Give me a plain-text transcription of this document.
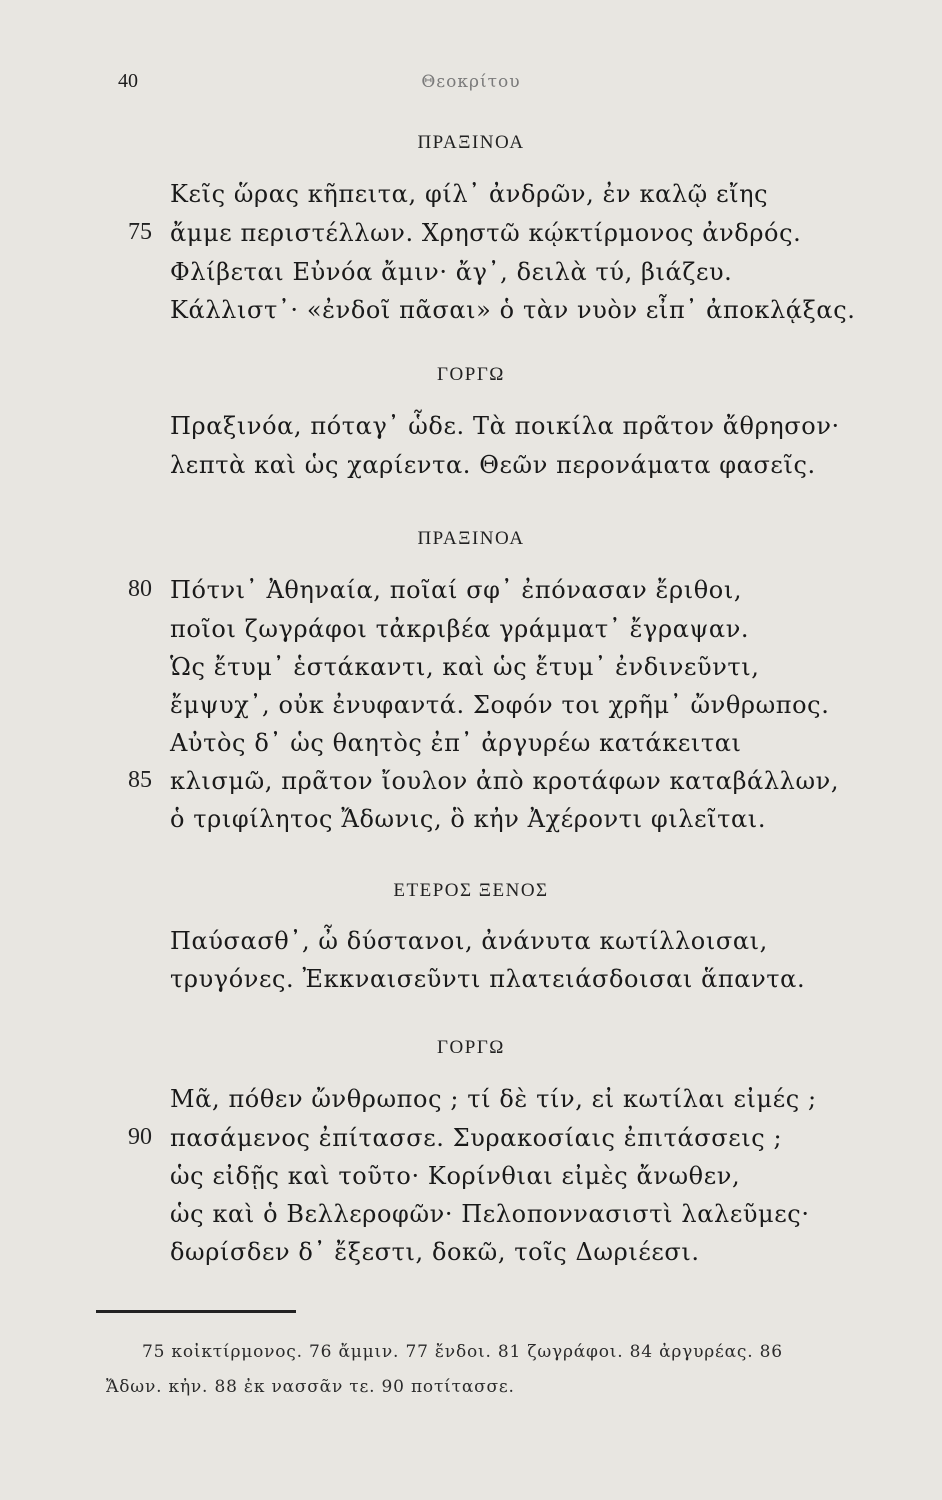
40	Θεοκρίτου
ΠΡΑΞΙΝΟΑ
Κεῖς ὥρας κῆπειτα, φίλ᾽ ἀνδρῶν, ἐν καλῷ εἴης
75 ἄμμε περιστέλλων. Χρηστῶ κῴκτίρμονος ἀνδρός.
Φλίβεται Εὐνόα ἄμιν· ἄγ᾽, δειλὰ τύ, βιάζευ.
Κάλλιστ᾽· «ἐνδοῖ πᾶσαι» ὁ τὰν νυὸν εἶπ᾽ ἀποκλᾴξας.
ΓΟΡΓΩ
Πραξινόα, πόταγ᾽ ὧδε. Τὰ ποικίλα πρᾶτον ἄθρησον·
λεπτὰ καὶ ὡς χαρίεντα. Θεῶν περονάματα φασεῖς.
ΠΡΑΞΙΝΟΑ
80 Πότνι᾽ Ἀθηναία, ποῖαί σφ᾽ ἐπόνασαν ἔριθοι,
ποῖοι ζωγράφοι τἀκριβέα γράμματ᾽ ἔγραψαν.
Ὡς ἔτυμ᾽ ἑστάκαντι, καὶ ὡς ἔτυμ᾽ ἐνδινεῦντι,
ἔμψυχ᾽, οὐκ ἐνυφαντά. Σοφόν τοι χρῆμ᾽ ὤνθρωπος.
Αὐτὸς δ᾽ ὡς θαητὸς ἐπ᾽ ἀργυρέω κατάκειται
85 κλισμῶ, πρᾶτον ἴουλον ἀπὸ κροτάφων καταβάλλων,
ὁ τριφίλητος Ἄδωνις, ὃ κἠν Ἀχέροντι φιλεῖται.
ΕΤΕΡΟΣ ΞΕΝΟΣ
Παύσασθ᾽, ὦ δύστανοι, ἀνάνυτα κωτίλλοισαι,
τρυγόνες. Ἐκκναισεῦντι πλατειάσδοισαι ἅπαντα.
ΓΟΡΓΩ
Μᾶ, πόθεν ὤνθρωπος ; τί δὲ τίν, εἰ κωτίλαι εἰμές ;
90 πασάμενος ἐπίτασσε. Συρακοσίαις ἐπιτάσσεις ;
ὡς εἰδῇς καὶ τοῦτο· Κορίνθιαι εἰμὲς ἄνωθεν,
ὡς καὶ ὁ Βελλεροφῶν· Πελοποννασιστὶ λαλεῦμες·
δωρίσδεν δ᾽ ἔξεστι, δοκῶ, τοῖς Δωριέεσι.
75 κοἰκτίρμονος. 76 ἄμμιν. 77 ἔνδοι. 81 ζωγράφοι. 84 ἀργυρέας. 86
Ἄδων. κἠν. 88 ἐκ νασσᾶν τε. 90 ποτίτασσε.
